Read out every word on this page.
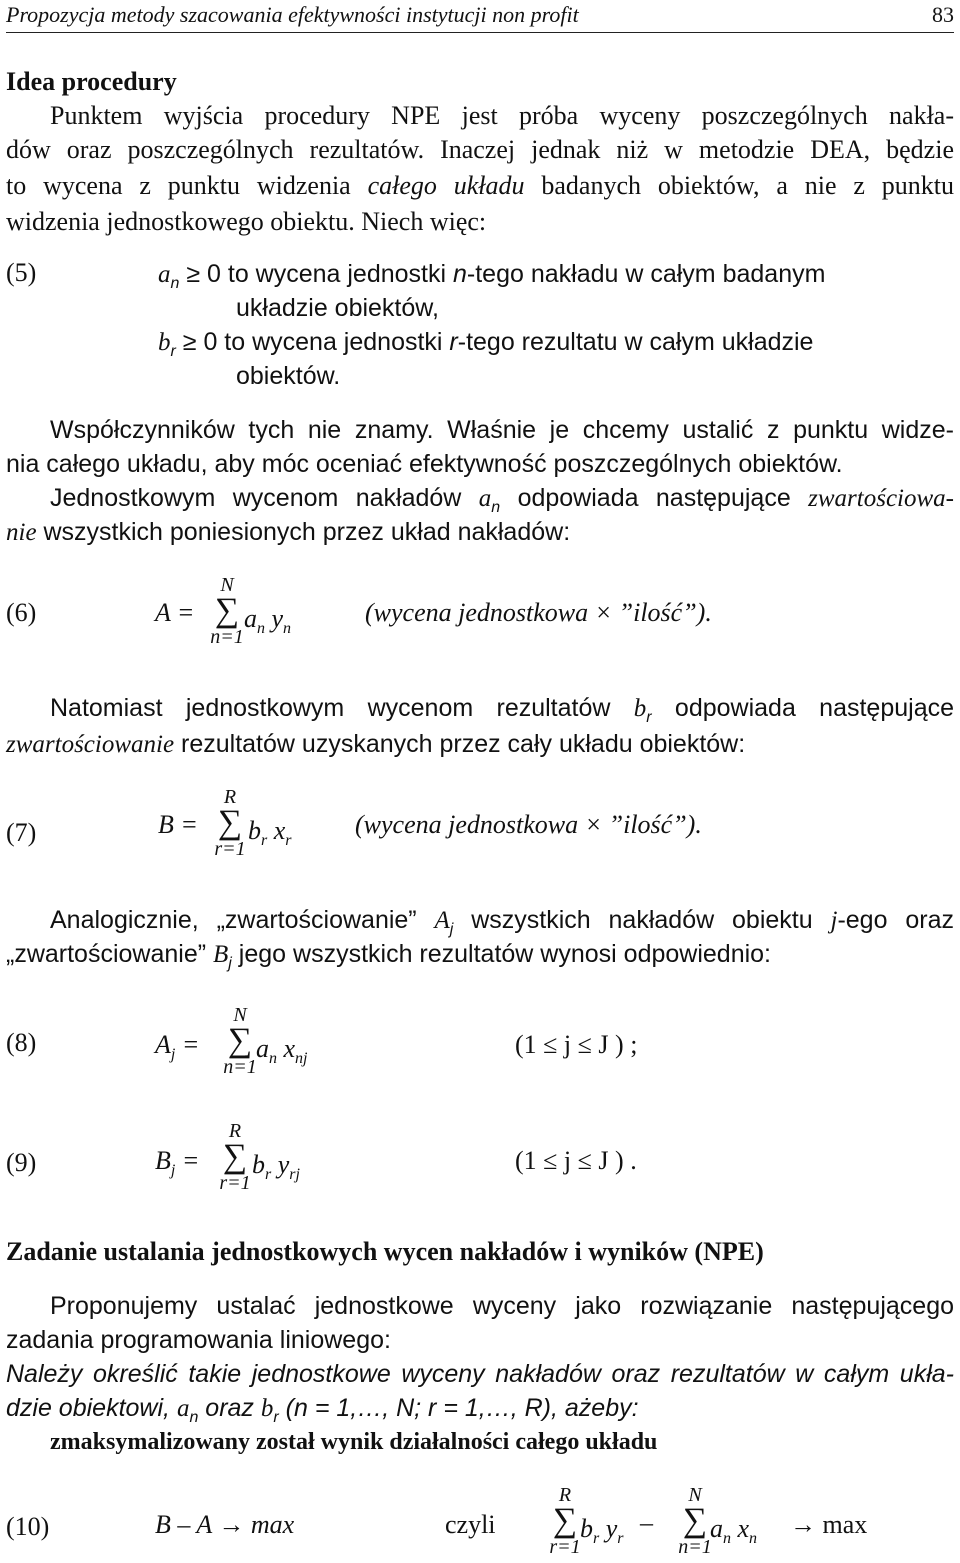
Propozycja metody szacowania efektywności instytucji non profit	83
Idea procedury
Punktem wyjścia procedury NPE jest próba wyceny poszczególnych nakła-
dów oraz poszczególnych rezultatów. Inaczej jednak niż w metodzie DEA, będzie
to wycena z punktu widzenia całego układu badanych obiektów, a nie z punktu
widzenia jednostkowego obiektu. Niech więc:
(5)	$a_n \ge 0$ to wycena jednostki n-tego nakładu w całym badanym
układzie obiektów,
$b_r \ge 0$ to wycena jednostki r-tego rezultatu w całym układzie
obiektów.
Współczynników tych nie znamy. Właśnie je chcemy ustalić z punktu widze-
nia całego układu, aby móc oceniać efektywność poszczególnych obiektów.
Jednostkowym wycenom nakładów $a_n$ odpowiada następujące zwartościowa-
nie wszystkich poniesionych przez układ nakładów:
(6)	A =
N
∑
n=1
$a_n$ $y_n$
(wycena jednostkowa × ”ilość”).
Natomiast jednostkowym wycenom rezultatów $b_r$ odpowiada następujące
zwartościowanie rezultatów uzyskanych przez cały układu obiektów:
(7)	B =
R
∑
r=1
$b_r$ $x_r$
(wycena jednostkowa × ”ilość”).
Analogicznie, „zwartościowanie” $A_j$ wszystkich nakładów obiektu j-ego oraz
„zwartościowanie” $B_j$ jego wszystkich rezultatów wynosi odpowiednio:
(8)	$A_j$ =
N
∑
n=1
$a_n$ $x_{nj}$	(1 ≤ j ≤ J ) ;
(9)	$B_j$ =
R
∑
r=1
$b_r$ $y_{rj}$	(1 ≤ j ≤ J ) .
Zadanie ustalania jednostkowych wycen nakładów i wyników (NPE)
Proponujemy ustalać jednostkowe wyceny jako rozwiązanie następującego
zadania programowania liniowego:
Należy określić takie jednostkowe wyceny nakładów oraz rezultatów w całym ukła-
dzie obiektowi, $a_n$ oraz $b_r$ (n = 1,…, N; r = 1,…, R), ażeby:
zmaksymalizowany został wynik działalności całego układu
(10)	B – A → max	czyli
R
∑
r=1
$b_r$ $y_r$
–
N
∑
n=1
$a_n$ $x_n \to \max$
